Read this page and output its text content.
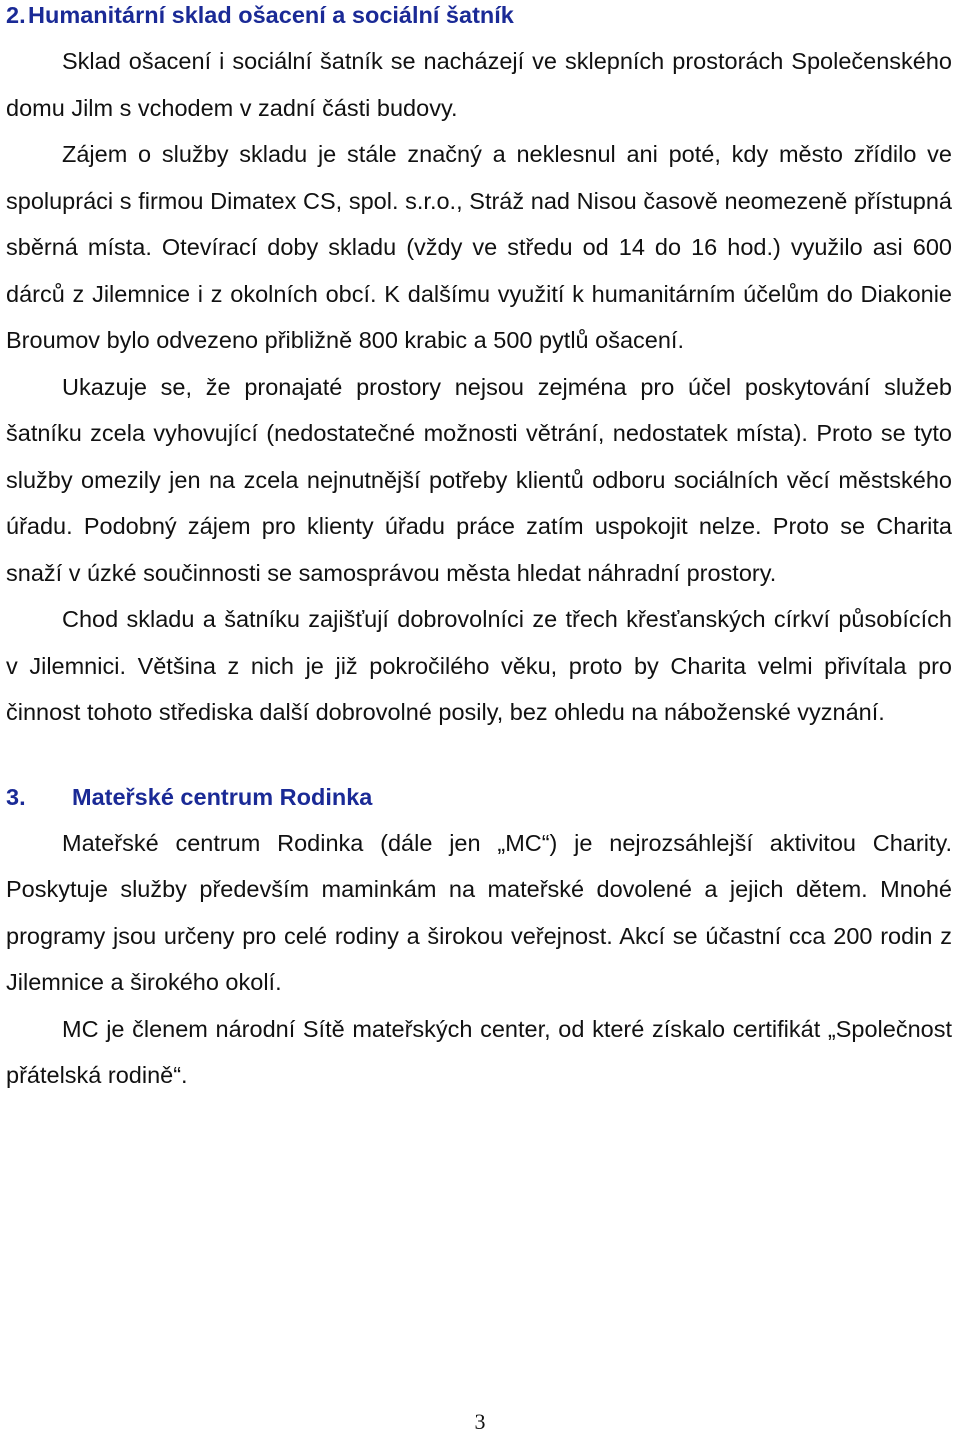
2. Humanitární sklad ošacení a sociální šatník

Sklad ošacení i sociální šatník se nacházejí ve sklepních prostorách Společenského domu Jilm s vchodem v zadní části budovy.

Zájem o služby skladu je stále značný a neklesnul ani poté, kdy město zřídilo ve spolupráci s firmou Dimatex CS, spol. s.r.o., Stráž nad Nisou časově neomezeně přístupná sběrná místa. Otevírací doby skladu (vždy ve středu od 14 do 16 hod.) využilo asi 600 dárců z Jilemnice i z okolních obcí. K dalšímu využití k humanitárním účelům do Diakonie Broumov bylo odvezeno přibližně 800 krabic a 500 pytlů ošacení.

Ukazuje se, že pronajaté prostory nejsou zejména pro účel poskytování služeb šatníku zcela vyhovující (nedostatečné možnosti větrání, nedostatek místa). Proto se tyto služby omezily jen na zcela nejnutnější potřeby klientů odboru sociálních věcí městského úřadu. Podobný zájem pro klienty úřadu práce zatím uspokojit nelze. Proto se Charita snaží v úzké součinnosti se samosprávou města hledat náhradní prostory.

Chod skladu a šatníku zajišťují dobrovolníci ze třech křesťanských církví působících v Jilemnici. Většina z nich je již pokročilého věku, proto by Charita velmi přivítala pro činnost tohoto střediska další dobrovolné posily, bez ohledu na náboženské vyznání.

3. Mateřské centrum Rodinka

Mateřské centrum Rodinka (dále jen „MC“) je nejrozsáhlejší aktivitou Charity. Poskytuje služby především maminkám na mateřské dovolené a jejich dětem. Mnohé programy jsou určeny pro celé rodiny a širokou veřejnost. Akcí se účastní cca 200 rodin z Jilemnice a širokého okolí.

MC je členem národní Sítě mateřských center, od které získalo certifikát „Společnost přátelská rodině“.

3
